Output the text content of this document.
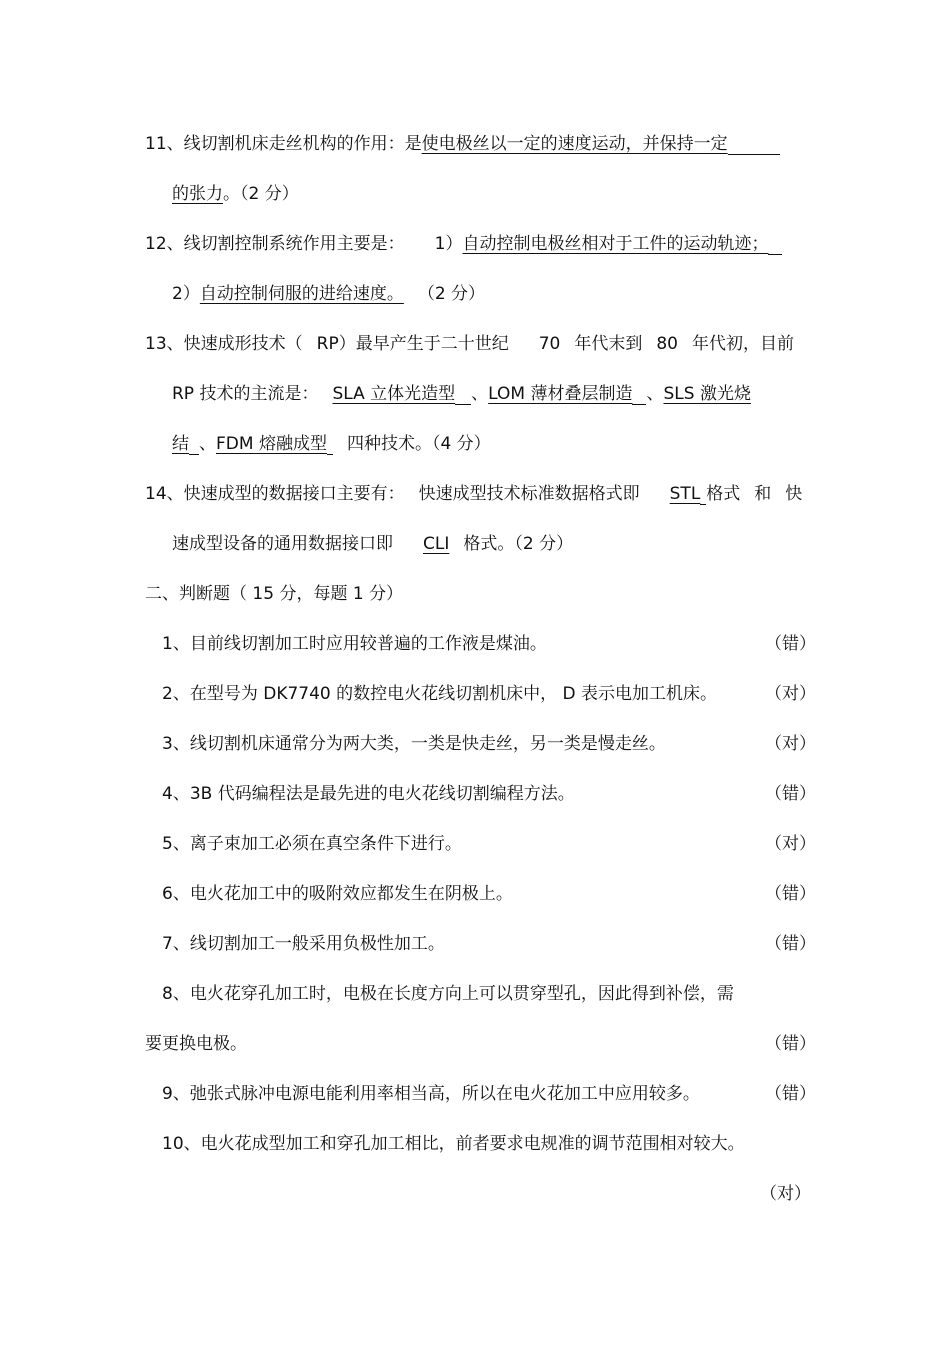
11、线切割机床走丝机构的作用：是使电极丝以一定的速度运动，并保持一定
的张力。（2 分）
12、线切割控制系统作用主要是： 1）自动控制电极丝相对于工件的运动轨迹；
2）自动控制伺服的进给速度。 （2 分）
13、快速成形技术（ RP）最早产生于二十世纪 70 年代末到 80 年代初，目前
RP 技术的主流是： SLA 立体光造型 、LOM 薄材叠层制造 、SLS 激光烧
结 、FDM 熔融成型 四种技术。（4 分）
14、快速成型的数据接口主要有： 快速成型技术标准数据格式即 STL 格式 和 快
速成型设备的通用数据接口即 CLI 格式。（2 分）
二、判断题（ 15 分，每题 1 分）
1、目前线切割加工时应用较普遍的工作液是煤油。	（错）
2、在型号为 DK7740 的数控电火花线切割机床中， D 表示电加工机床。	（对）
3、线切割机床通常分为两大类，一类是快走丝，另一类是慢走丝。	（对）
4、3B 代码编程法是最先进的电火花线切割编程方法。	（错）
5、离子束加工必须在真空条件下进行。	（对）
6、电火花加工中的吸附效应都发生在阴极上。	（错）
7、线切割加工一般采用负极性加工。	（错）
8、电火花穿孔加工时，电极在长度方向上可以贯穿型孔，因此得到补偿，需
要更换电极。	（错）
9、弛张式脉冲电源电能利用率相当高，所以在电火花加工中应用较多。	（错）
10、电火花成型加工和穿孔加工相比，前者要求电规准的调节范围相对较大。
（对）
